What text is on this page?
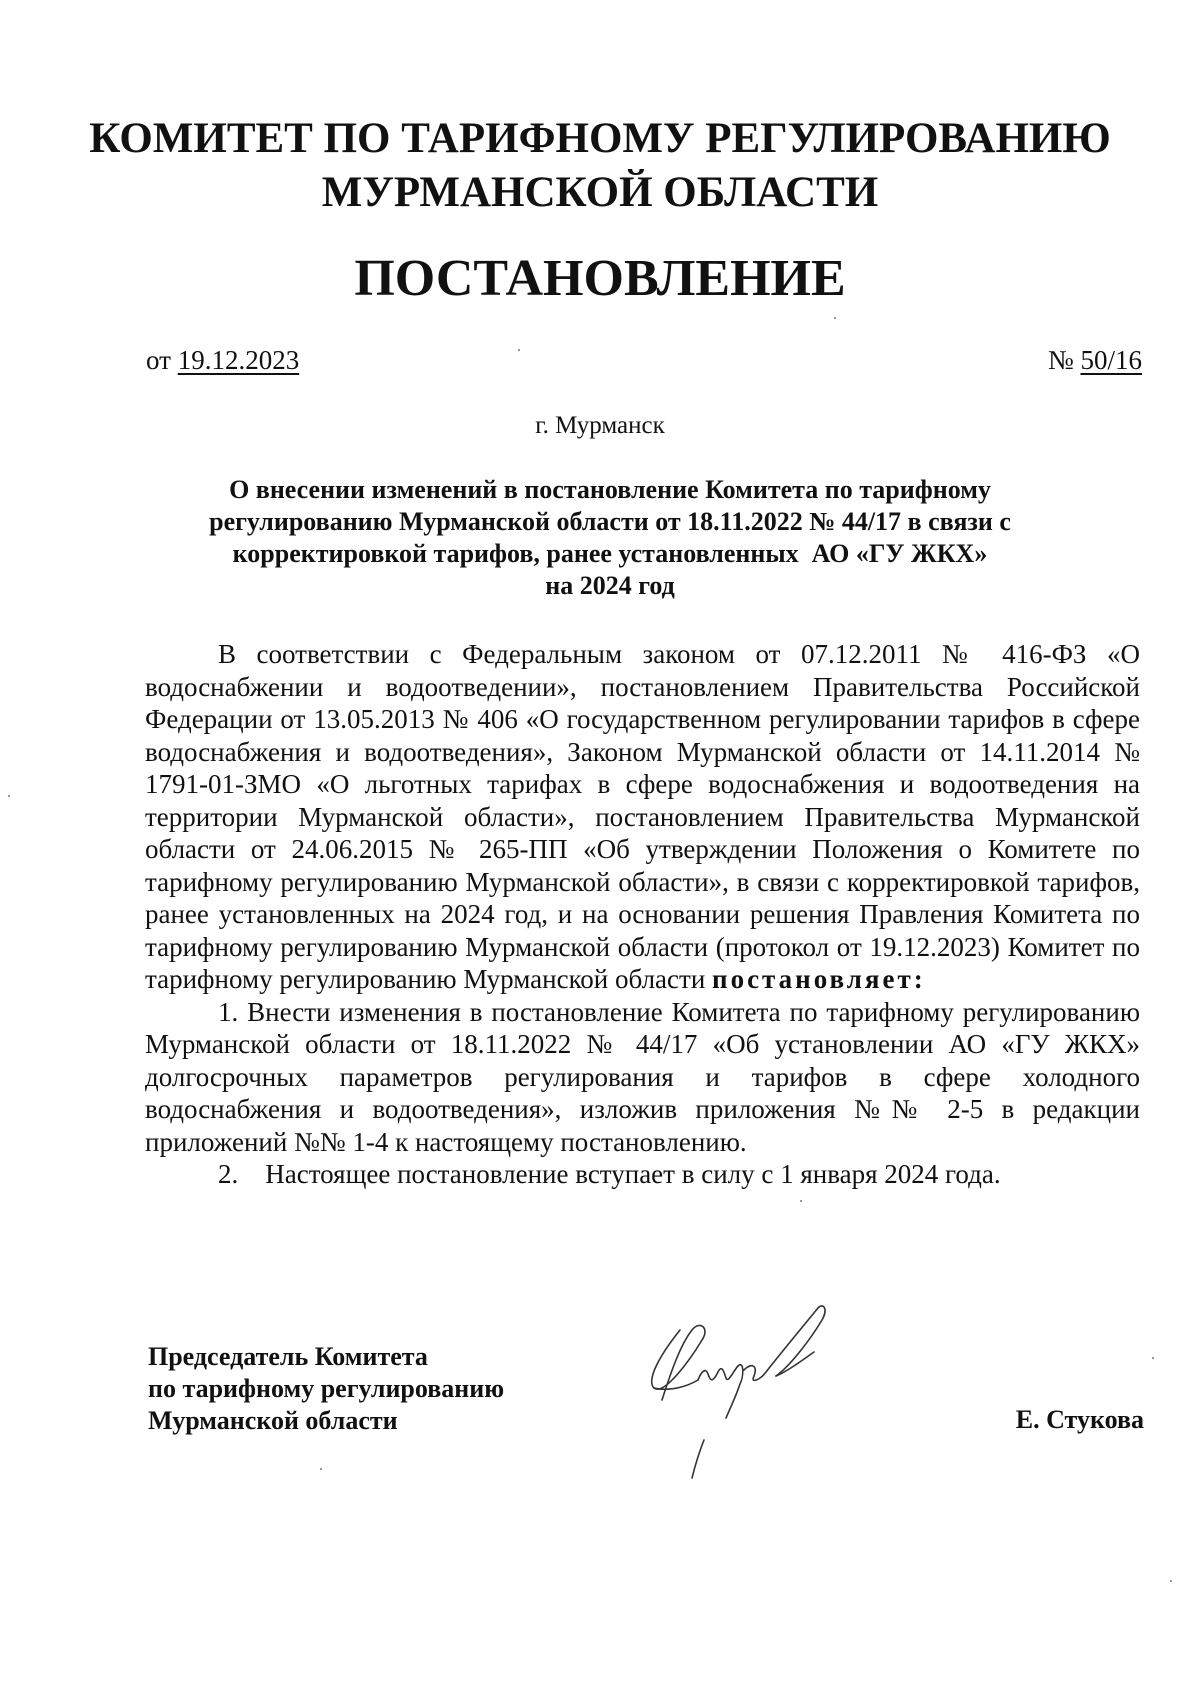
КОМИТЕТ ПО ТАРИФНОМУ РЕГУЛИРОВАНИЮ
МУРМАНСКОЙ ОБЛАСТИ
ПОСТАНОВЛЕНИЕ
от 19.12.2023	№ 50/16
г. Мурманск
О внесении изменений в постановление Комитета по тарифному
регулированию Мурманской области от 18.11.2022 № 44/17 в связи с
корректировкой тарифов, ранее установленных  АО «ГУ ЖКХ»
на 2024 год

В соответствии с Федеральным законом от 07.12.2011 № 416-ФЗ «О водоснабжении и водоотведении», постановлением Правительства Российской Федерации от 13.05.2013 № 406 «О государственном регулировании тарифов в сфере водоснабжения и водоотведения», Законом Мурманской области от 14.11.2014 № 1791-01-ЗМО «О льготных тарифах в сфере водоснабжения и водоотведения на территории Мурманской области», постановлением Правительства Мурманской области от 24.06.2015 № 265-ПП «Об утверждении Положения о Комитете по тарифному регулированию Мурманской области», в связи с корректировкой тарифов, ранее установленных на 2024 год, и на основании решения Правления Комитета по тарифному регулированию Мурманской области (протокол от 19.12.2023) Комитет по тарифному регулированию Мурманской области постановляет:

1. Внести изменения в постановление Комитета по тарифному регулированию Мурманской области от 18.11.2022 № 44/17 «Об установлении АО «ГУ ЖКХ» долгосрочных параметров регулирования и тарифов в сфере холодного водоснабжения и водоотведения», изложив приложения №№ 2-5 в редакции приложений №№ 1-4 к настоящему постановлению.

2. Настоящее постановление вступает в силу с 1 января 2024 года.

Председатель Комитета
по тарифному регулированию
Мурманской области	Е. Стукова
